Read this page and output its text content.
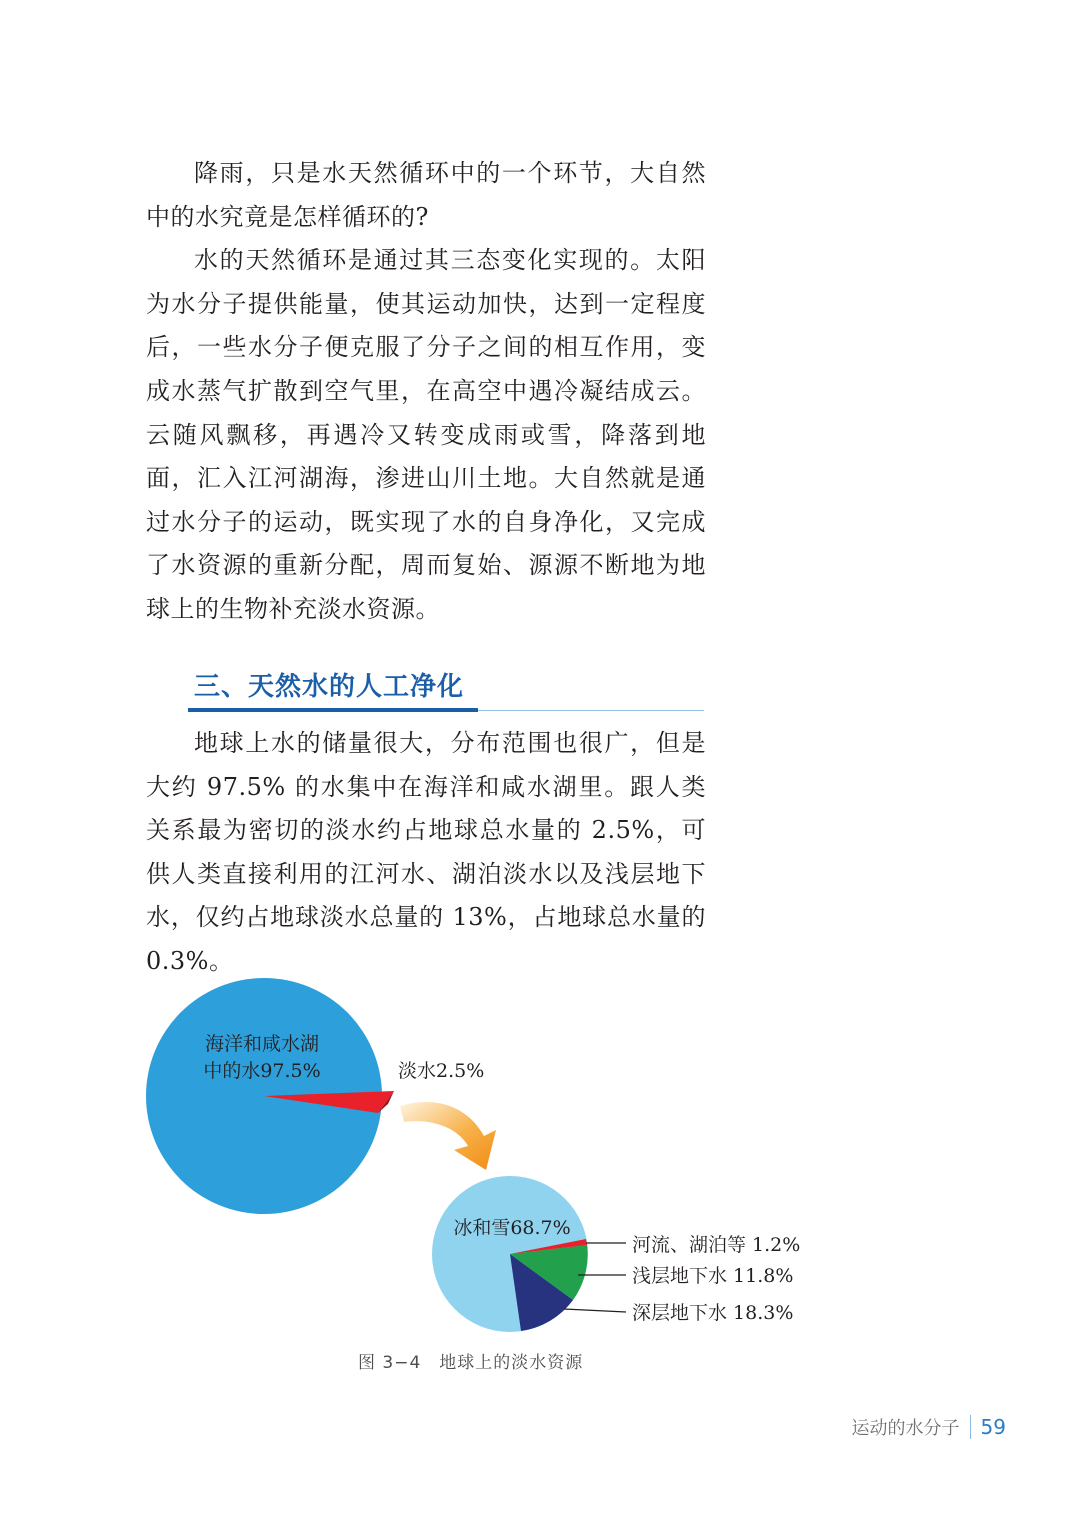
降雨，只是水天然循环中的一个环节，大自然中的水究竟是怎样循环的?

水的天然循环是通过其三态变化实现的。太阳为水分子提供能量，使其运动加快，达到一定程度后，一些水分子便克服了分子之间的相互作用，变成水蒸气扩散到空气里，在高空中遇冷凝结成云。云随风飘移，再遇冷又转变成雨或雪，降落到地面，汇入江河湖海，渗进山川土地。大自然就是通过水分子的运动，既实现了水的自身净化，又完成了水资源的重新分配，周而复始、源源不断地为地球上的生物补充淡水资源。

三、天然水的人工净化

地球上水的储量很大，分布范围也很广，但是大约 97.5% 的水集中在海洋和咸水湖里。跟人类关系最为密切的淡水约占地球总水量的 2.5%，可供人类直接利用的江河水、湖泊淡水以及浅层地下水，仅约占地球淡水总量的 13%，占地球总水量的 0.3%。

海洋和咸水湖
中的水97.5%	淡水2.5%
冰和雪68.7%
河流、湖泊等 1.2%
浅层地下水 11.8%
深层地下水 18.3%
图 3−4　地球上的淡水资源
运动的水分子 59
